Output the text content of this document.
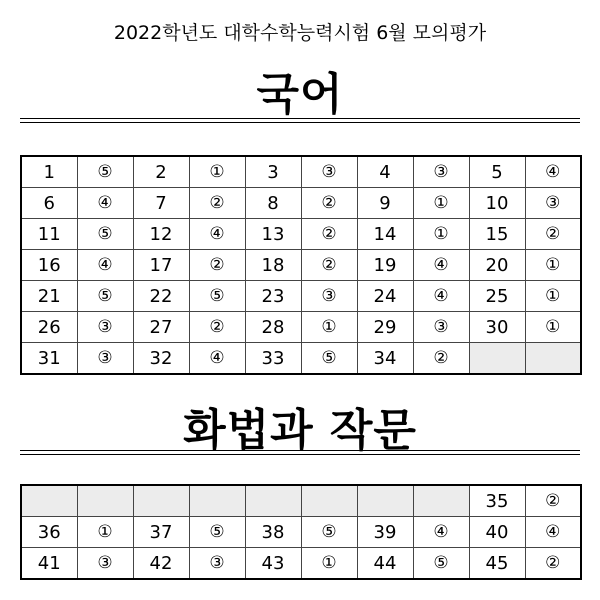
2022학년도 대학수학능력시험 6월 모의평가
국어
1	⑤	2	①	3	③	4	③	5	④
6	④	7	②	8	②	9	①	10	③
11	⑤	12	④	13	②	14	①	15	②
16	④	17	②	18	②	19	④	20	①
21	⑤	22	⑤	23	③	24	④	25	①
26	③	27	②	28	①	29	③	30	①
31	③	32	④	33	⑤	34	②		
화법과 작문
								35	②
36	①	37	⑤	38	⑤	39	④	40	④
41	③	42	③	43	①	44	⑤	45	②
